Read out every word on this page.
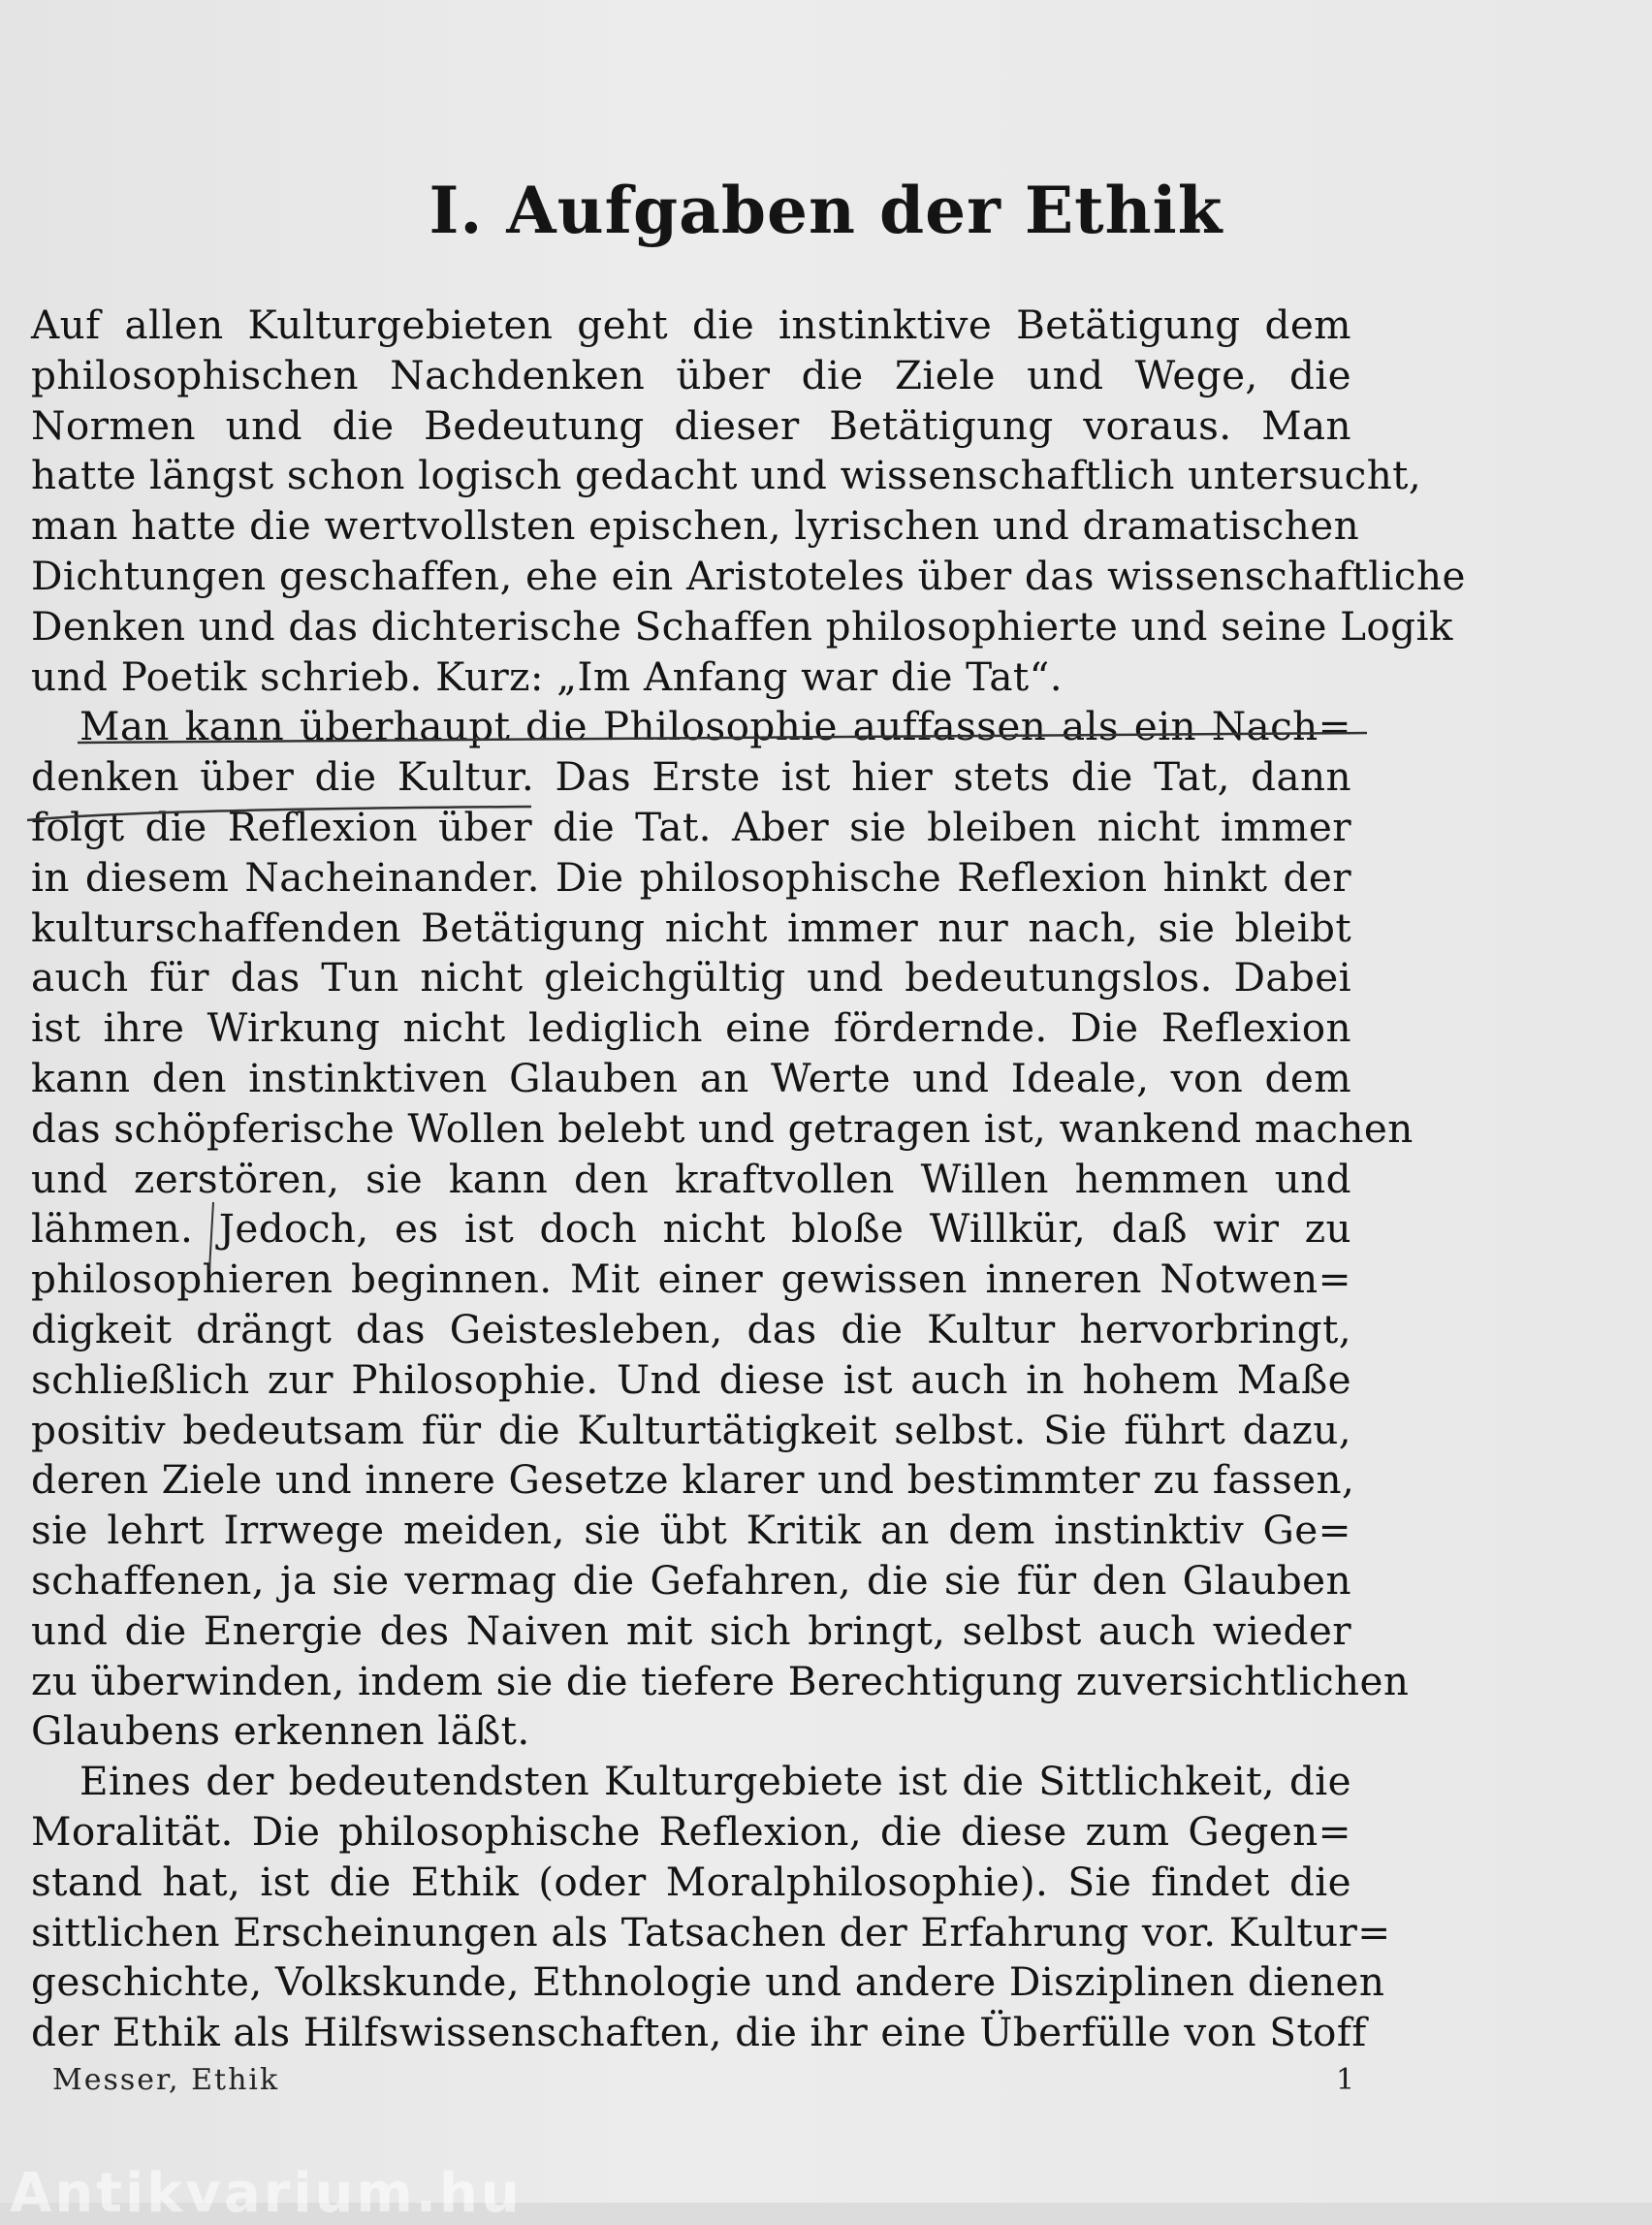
I. Aufgaben der Ethik
Auf allen Kulturgebieten geht die instinktive Betätigung dem
philosophischen Nachdenken über die Ziele und Wege, die
Normen und die Bedeutung dieser Betätigung voraus. Man
hatte längst schon logisch gedacht und wissenschaftlich untersucht,
man hatte die wertvollsten epischen, lyrischen und dramatischen
Dichtungen geschaffen, ehe ein Aristoteles über das wissenschaftliche
Denken und das dichterische Schaffen philosophierte und seine Logik
und Poetik schrieb. Kurz: „Im Anfang war die Tat“.
Man kann überhaupt die Philosophie auffassen als ein Nach=
denken über die Kultur. Das Erste ist hier stets die Tat, dann
folgt die Reflexion über die Tat. Aber sie bleiben nicht immer
in diesem Nacheinander. Die philosophische Reflexion hinkt der
kulturschaffenden Betätigung nicht immer nur nach, sie bleibt
auch für das Tun nicht gleichgültig und bedeutungslos. Dabei
ist ihre Wirkung nicht lediglich eine fördernde. Die Reflexion
kann den instinktiven Glauben an Werte und Ideale, von dem
das schöpferische Wollen belebt und getragen ist, wankend machen
und zerstören, sie kann den kraftvollen Willen hemmen und
lähmen. Jedoch, es ist doch nicht bloße Willkür, daß wir zu
philosophieren beginnen. Mit einer gewissen inneren Notwen=
digkeit drängt das Geistesleben, das die Kultur hervorbringt,
schließlich zur Philosophie. Und diese ist auch in hohem Maße
positiv bedeutsam für die Kulturtätigkeit selbst. Sie führt dazu,
deren Ziele und innere Gesetze klarer und bestimmter zu fassen,
sie lehrt Irrwege meiden, sie übt Kritik an dem instinktiv Ge=
schaffenen, ja sie vermag die Gefahren, die sie für den Glauben
und die Energie des Naiven mit sich bringt, selbst auch wieder
zu überwinden, indem sie die tiefere Berechtigung zuversichtlichen
Glaubens erkennen läßt.
Eines der bedeutendsten Kulturgebiete ist die Sittlichkeit, die
Moralität. Die philosophische Reflexion, die diese zum Gegen=
stand hat, ist die Ethik (oder Moralphilosophie). Sie findet die
sittlichen Erscheinungen als Tatsachen der Erfahrung vor. Kultur=
geschichte, Volkskunde, Ethnologie und andere Disziplinen dienen
der Ethik als Hilfswissenschaften, die ihr eine Überfülle von Stoff
Messer, Ethik	1
Antikvarium.hu
